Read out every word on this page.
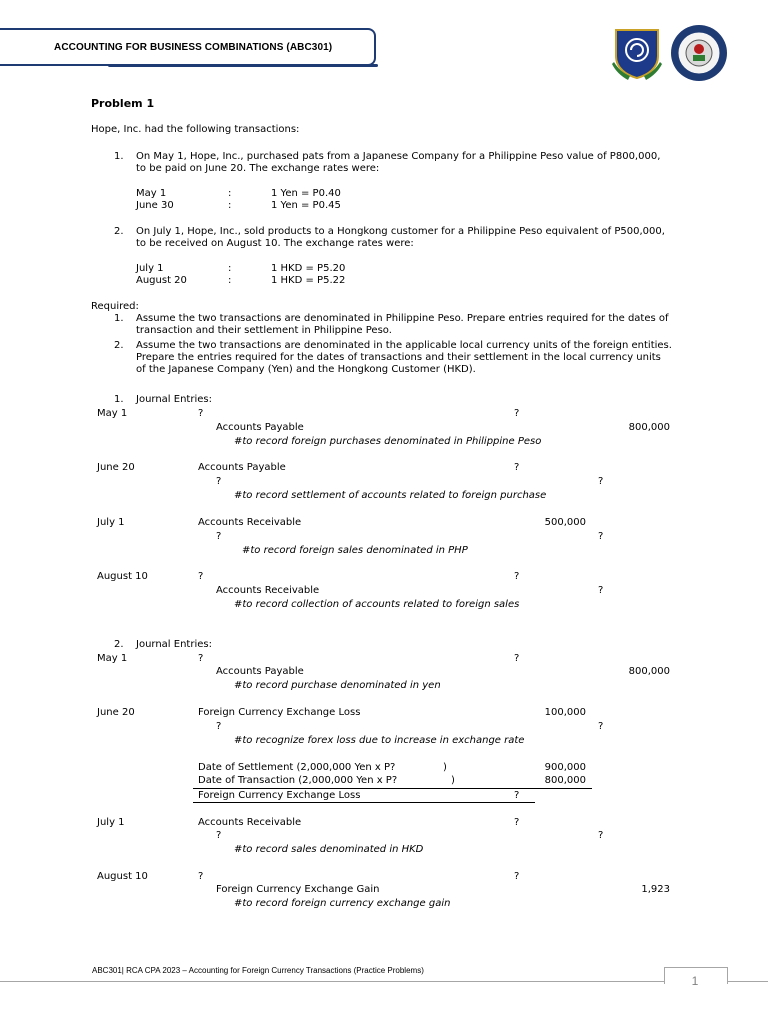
ACCOUNTING FOR BUSINESS COMBINATIONS (ABC301)
Problem 1
Hope, Inc. had the following transactions:
1. On May 1, Hope, Inc., purchased pats from a Japanese Company for a Philippine Peso value of P800,000,
to be paid on June 20. The exchange rates were:
May 1	:	1 Yen = P0.40
June 30	:	1 Yen = P0.45
2. On July 1, Hope, Inc., sold products to a Hongkong customer for a Philippine Peso equivalent of P500,000,
to be received on August 10. The exchange rates were:
July 1	:	1 HKD = P5.20
August 20	:	1 HKD = P5.22
Required:
1. Assume the two transactions are denominated in Philippine Peso. Prepare entries required for the dates of
transaction and their settlement in Philippine Peso.
2. Assume the two transactions are denominated in the applicable local currency units of the foreign entities.
Prepare the entries required for the dates of transactions and their settlement in the local currency units
of the Japanese Company (Yen) and the Hongkong Customer (HKD).
1. Journal Entries:
May 1	?	?
Accounts Payable	800,000
#to record foreign purchases denominated in Philippine Peso
June 20	Accounts Payable	?
?	?
#to record settlement of accounts related to foreign purchase
July 1	Accounts Receivable	500,000
?	?
#to record foreign sales denominated in PHP
August 10	?	?
Accounts Receivable	?
#to record collection of accounts related to foreign sales
2. Journal Entries:
May 1	?	?
Accounts Payable	800,000
#to record purchase denominated in yen
June 20	Foreign Currency Exchange Loss	100,000
?	?
#to recognize forex loss due to increase in exchange rate
Date of Settlement (2,000,000 Yen x P?	)	900,000
Date of Transaction (2,000,000 Yen x P?	)	800,000
Foreign Currency Exchange Loss	?
July 1	Accounts Receivable	?
?	?
#to record sales denominated in HKD
August 10	?	?
Foreign Currency Exchange Gain	1,923
#to record foreign currency exchange gain
ABC301| RCA CPA 2023 – Accounting for Foreign Currency Transactions (Practice Problems)
1
